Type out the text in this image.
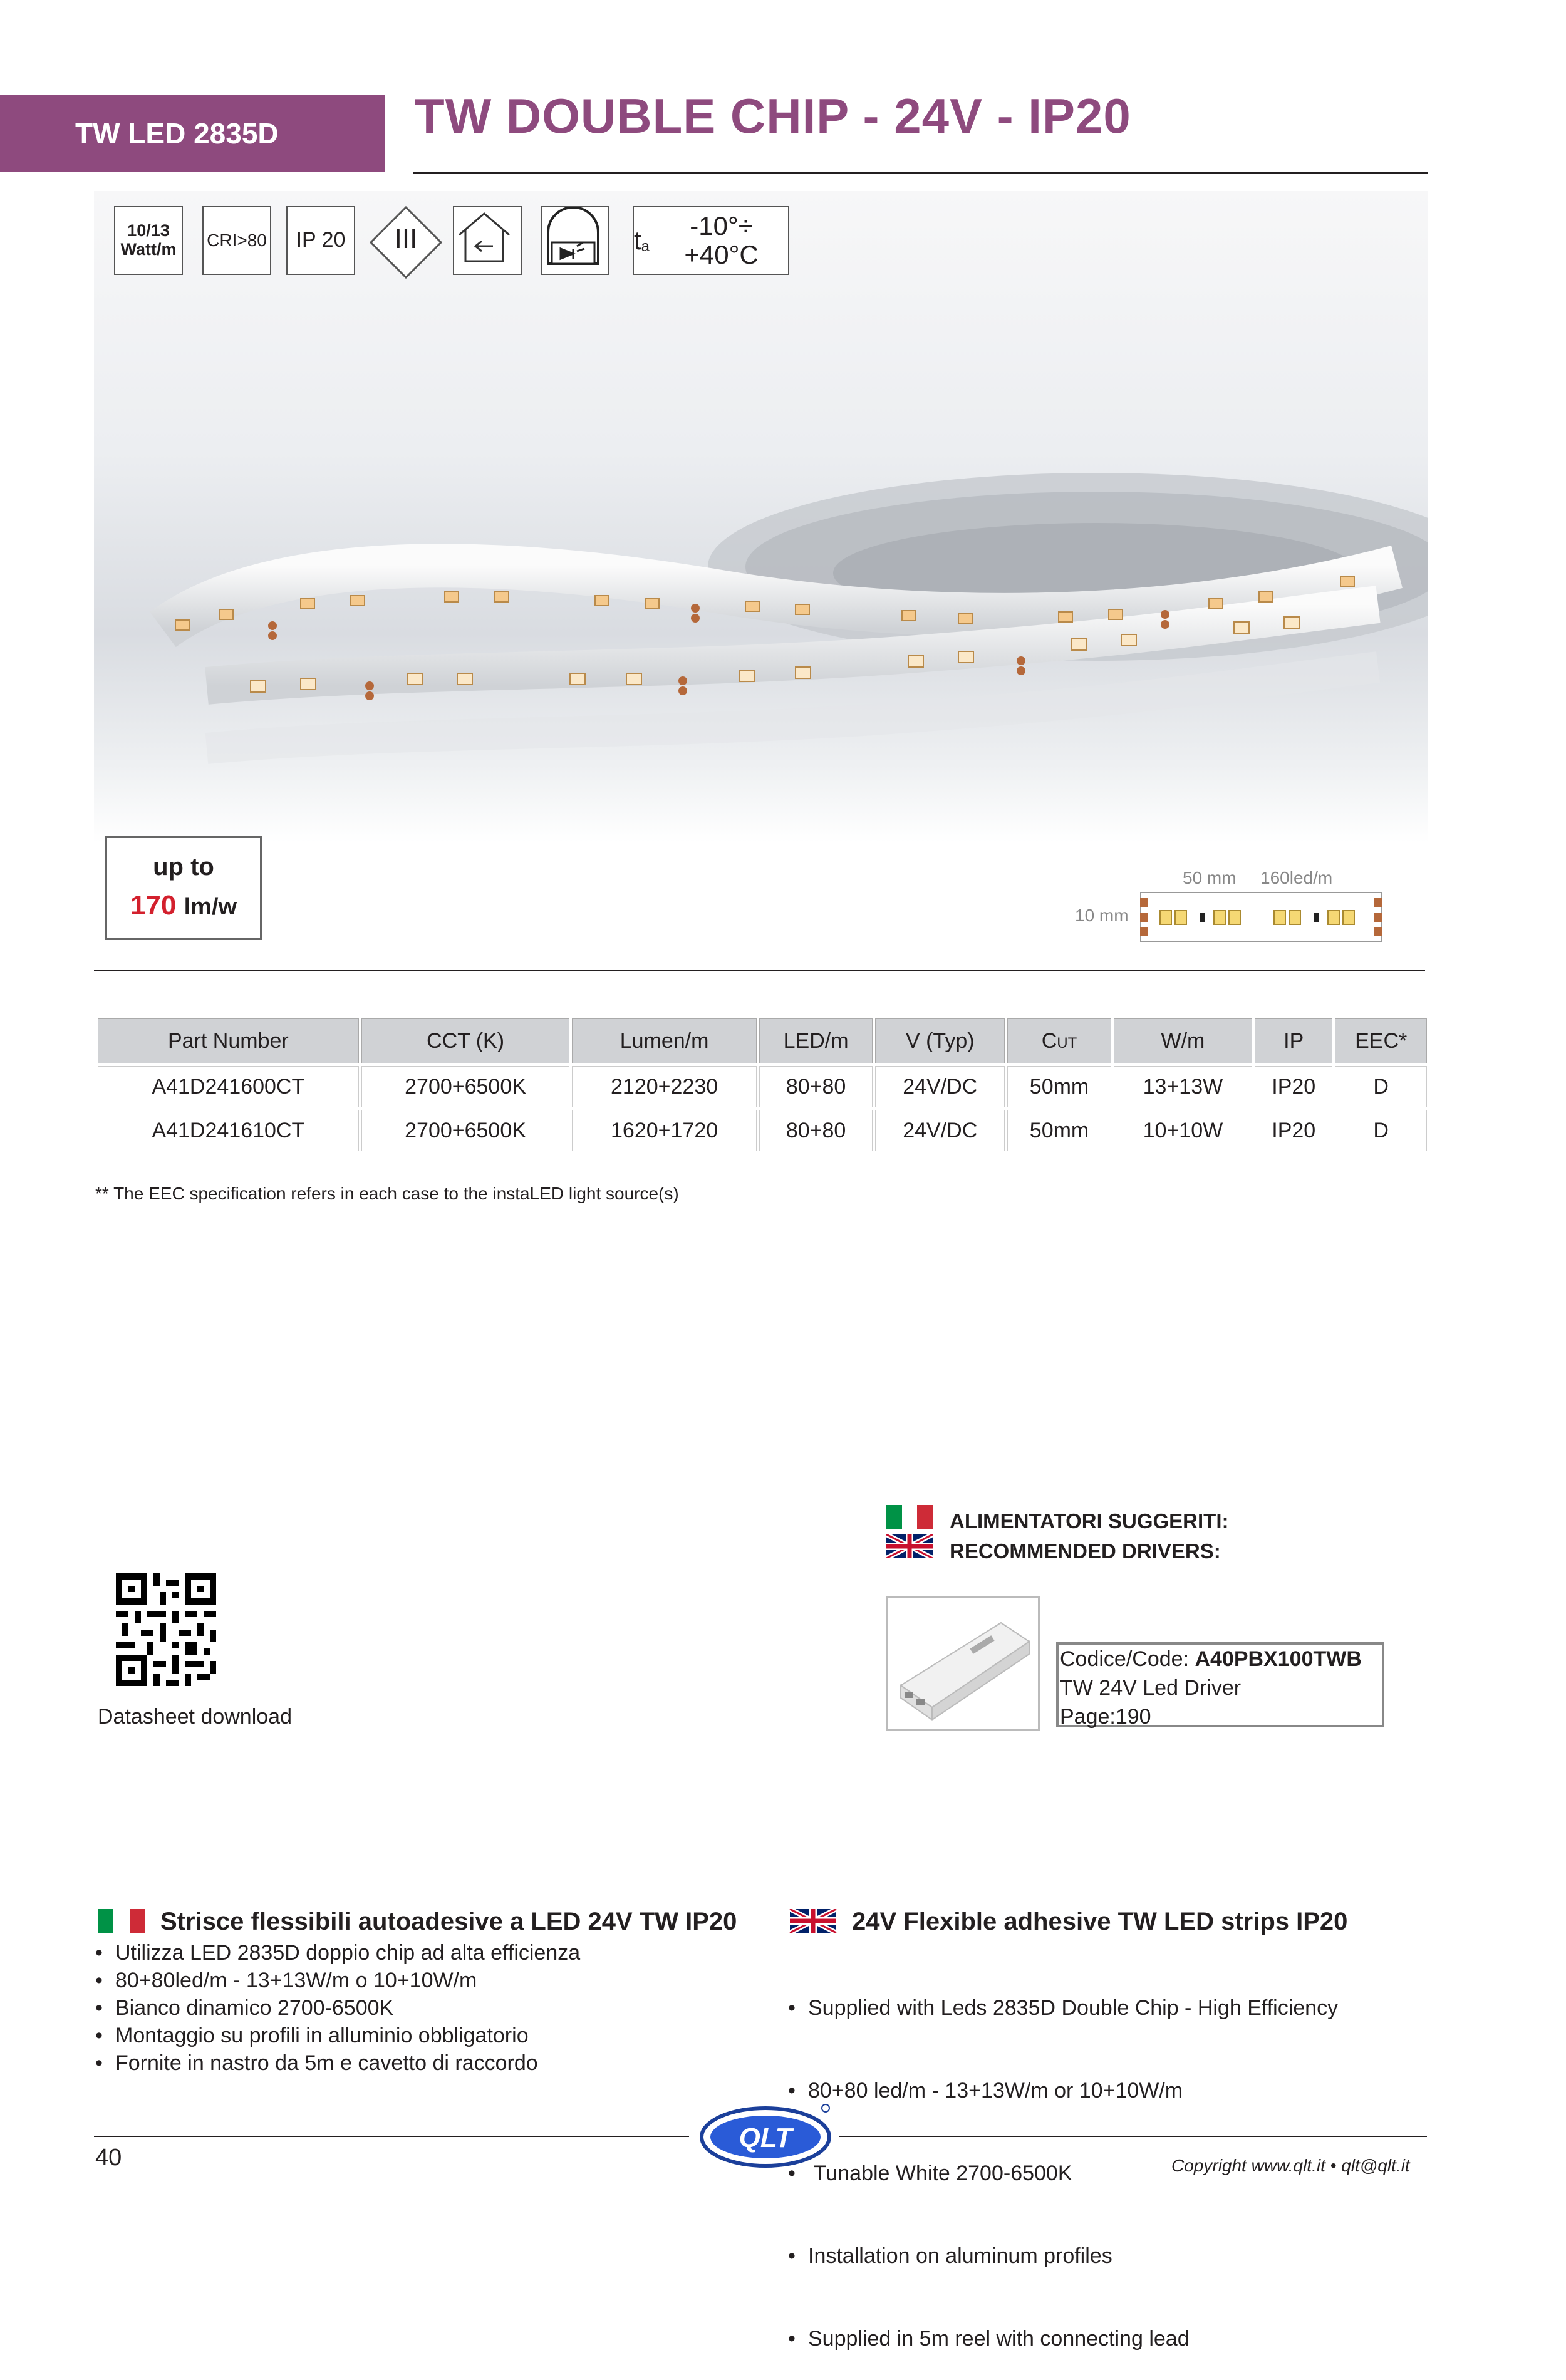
TW LED 2835D	TW DOUBLE CHIP - 24V - IP20
10/13
Watt/m CRI>80 IP 20	III	t a
-10°÷ +40°C
up to
170 lm/w
50 mm 160led/m
10 mm
Part Number	CCT (K)	Lumen/m	LED/m	V (Typ)	Cut	W/m	IP	EEC*
A41D241600CT	2700+6500K	2120+2230	80+80	24V/DC	50mm	13+13W	IP20	D
A41D241610CT	2700+6500K	1620+1720	80+80	24V/DC	50mm	10+10W	IP20	D
** The EEC specification refers in each case to the instaLED light source(s)
ALIMENTATORI SUGGERITI:
RECOMMENDED DRIVERS:
Codice/Code: A40PBX100TWB
TW 24V Led Driver
Page:190
Datasheet download
Strisce flessibili autoadesive a LED 24V TW IP20
• Utilizza LED 2835D doppio chip ad alta efficienza
• 80+80led/m - 13+13W/m o 10+10W/m
• Bianco dinamico 2700-6500K
• Montaggio su profili in alluminio obbligatorio
• Fornite in nastro da 5m e cavetto di raccordo
24V Flexible adhesive TW LED strips IP20

• Supplied with Leds 2835D Double Chip - High Efficiency

• 80+80 led/m - 13+13W/m or 10+10W/m

•  Tunable White 2700-6500K

• Installation on aluminum profiles

• Supplied in 5m reel with connecting lead

QLT
40	Copyright www.qlt.it • qlt@qlt.it
